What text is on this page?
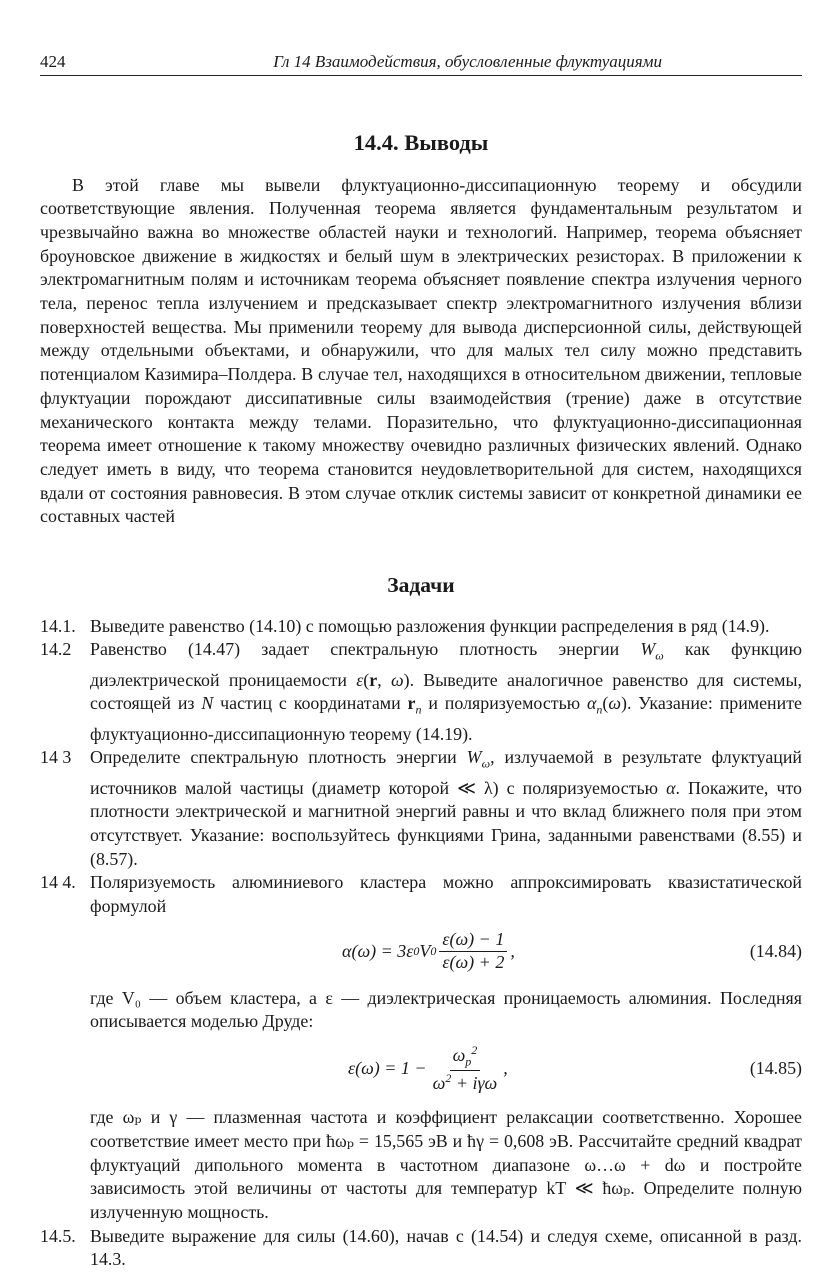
424	Гл 14 Взаимодействия, обусловленные флуктуациями
14.4. Выводы

В этой главе мы вывели флуктуационно-диссипационную теорему и обсудили соответствующие явления. Полученная теорема является фундаментальным результатом и чрезвычайно важна во множестве областей науки и технологий. Например, теорема объясняет броуновское движение в жидкостях и белый шум в электрических резисторах. В приложении к электромагнитным полям и источникам теорема объясняет появление спектра излучения черного тела, перенос тепла излучением и предсказывает спектр электромагнитного излучения вблизи поверхностей вещества. Мы применили теорему для вывода дисперсионной силы, действующей между отдельными объектами, и обнаружили, что для малых тел силу можно представить потенциалом Казимира–Полдера. В случае тел, находящихся в относительном движении, тепловые флуктуации порождают диссипативные силы взаимодействия (трение) даже в отсутствие механического контакта между телами. Поразительно, что флуктуационно-диссипационная теорема имеет отношение к такому множеству очевидно различных физических явлений. Однако следует иметь в виду, что теорема становится неудовлетворительной для систем, находящихся вдали от состояния равновесия. В этом случае отклик системы зависит от конкретной динамики ее составных частей

Задачи
14.1. Выведите равенство (14.10) с помощью разложения функции распределения в ряд (14.9).

14.2 Равенство (14.47) задает спектральную плотность энергии $W_\omega$ как функцию диэлектрической проницаемости ε(r, ω). Выведите аналогичное равенство для системы, состоящей из N частиц с координатами $r_n$ и поляризуемостью $\alpha_n(\omega)$. Указание: примените флуктуационно-диссипационную теорему (14.19).

14 3 Определите спектральную плотность энергии $W_\omega$, излучаемой в результате флуктуаций источников малой частицы (диаметр которой ≪ λ) с поляризуемостью α. Покажите, что плотности электрической и магнитной энергий равны и что вклад ближнего поля при этом отсутствует. Указание: воспользуйтесь функциями Грина, заданными равенствами (8.55) и (8.57).

14 4. Поляризуемость алюминиевого кластера можно аппроксимировать квазистатической формулой

α(ω) = 3ε 0 V $0 \frac{\varepsilon(\omega) - 1}{\varepsilon(\omega) + 2}$ ,	(14.84)

где V₀ — объем кластера, а ε — диэлектрическая проницаемость алюминия. Последняя описывается моделью Друде:

$\varepsilon(\omega) = 1 - \frac{\omega_p^2}{\omega^2 + i\gamma\omega}$ ,	(14.85)

где ωₚ и γ — плазменная частота и коэффициент релаксации соответственно. Хорошее соответствие имеет место при ħωₚ = 15,565 эВ и ħγ = 0,608 эВ. Рассчитайте средний квадрат флуктуаций дипольного момента в частотном диапазоне ω…ω + dω и постройте зависимость этой величины от частоты для температур kT ≪ ħωₚ. Определите полную излученную мощность.

14.5. Выведите выражение для силы (14.60), начав с (14.54) и следуя схеме, описанной в разд. 14.3.
